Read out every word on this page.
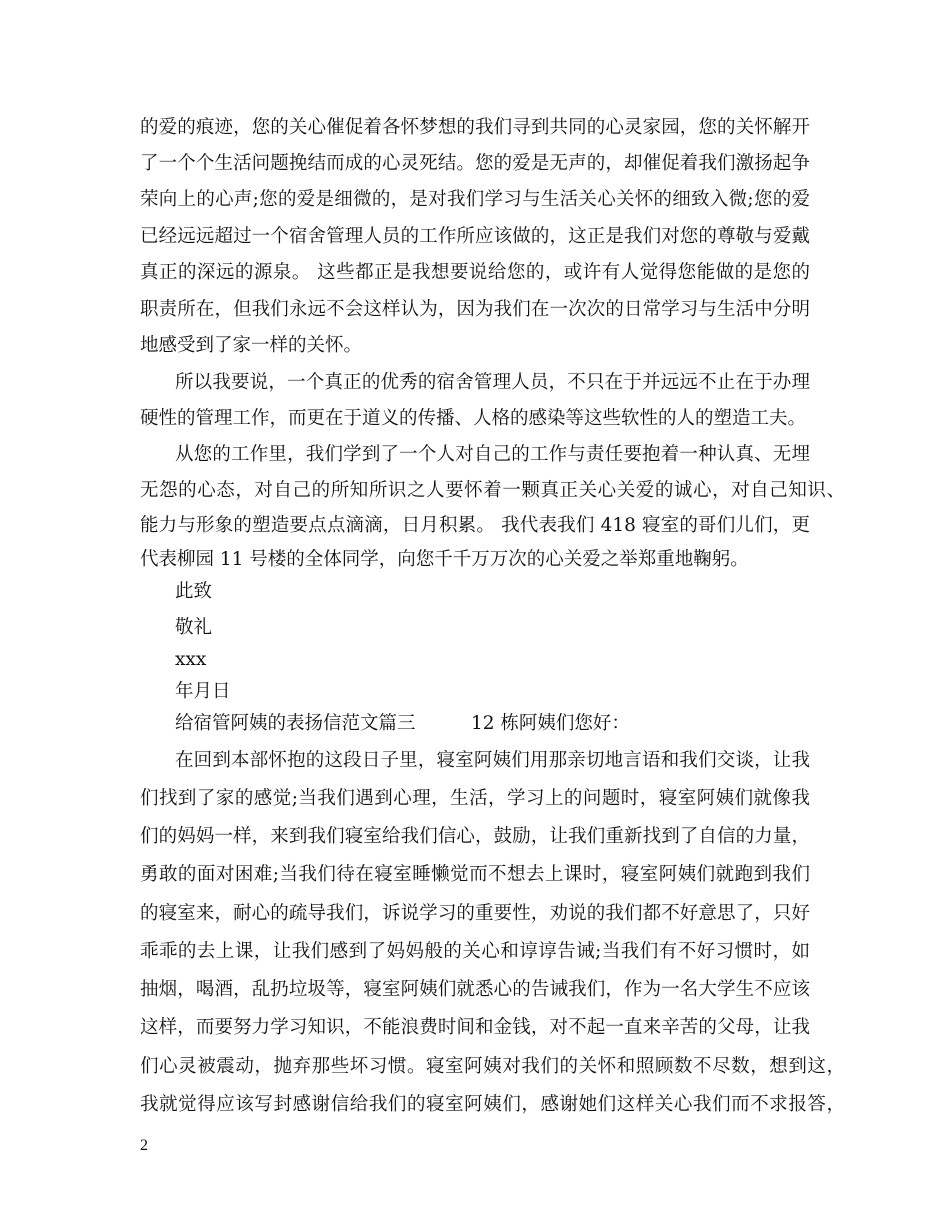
的爱的痕迹，您的关心催促着各怀梦想的我们寻到共同的心灵家园，您的关怀解开
了一个个生活问题挽结而成的心灵死结。您的爱是无声的，却催促着我们激扬起争
荣向上的心声;您的爱是细微的，是对我们学习与生活关心关怀的细致入微;您的爱
已经远远超过一个宿舍管理人员的工作所应该做的，这正是我们对您的尊敬与爱戴
真正的深远的源泉。 这些都正是我想要说给您的，或许有人觉得您能做的是您的
职责所在，但我们永远不会这样认为，因为我们在一次次的日常学习与生活中分明
地感受到了家一样的关怀。
所以我要说，一个真正的优秀的宿舍管理人员，不只在于并远远不止在于办理
硬性的管理工作，而更在于道义的传播、人格的感染等这些软性的人的塑造工夫。
从您的工作里，我们学到了一个人对自己的工作与责任要抱着一种认真、无埋
无怨的心态，对自己的所知所识之人要怀着一颗真正关心关爱的诚心，对自己知识、
能力与形象的塑造要点点滴滴，日月积累。 我代表我们 418 寝室的哥们儿们，更
代表柳园 11 号楼的全体同学，向您千千万万次的心关爱之举郑重地鞠躬。
此致
敬礼
xxx
年月日
给宿管阿姨的表扬信范文篇三　　　12 栋阿姨们您好：
在回到本部怀抱的这段日子里，寝室阿姨们用那亲切地言语和我们交谈，让我
们找到了家的感觉;当我们遇到心理，生活，学习上的问题时，寝室阿姨们就像我
们的妈妈一样，来到我们寝室给我们信心，鼓励，让我们重新找到了自信的力量，
勇敢的面对困难;当我们待在寝室睡懒觉而不想去上课时，寝室阿姨们就跑到我们
的寝室来，耐心的疏导我们，诉说学习的重要性，劝说的我们都不好意思了，只好
乖乖的去上课，让我们感到了妈妈般的关心和谆谆告诫;当我们有不好习惯时，如
抽烟，喝酒，乱扔垃圾等，寝室阿姨们就悉心的告诫我们，作为一名大学生不应该
这样，而要努力学习知识，不能浪费时间和金钱，对不起一直来辛苦的父母，让我
们心灵被震动，抛弃那些坏习惯。寝室阿姨对我们的关怀和照顾数不尽数，想到这，
我就觉得应该写封感谢信给我们的寝室阿姨们，感谢她们这样关心我们而不求报答，
2
